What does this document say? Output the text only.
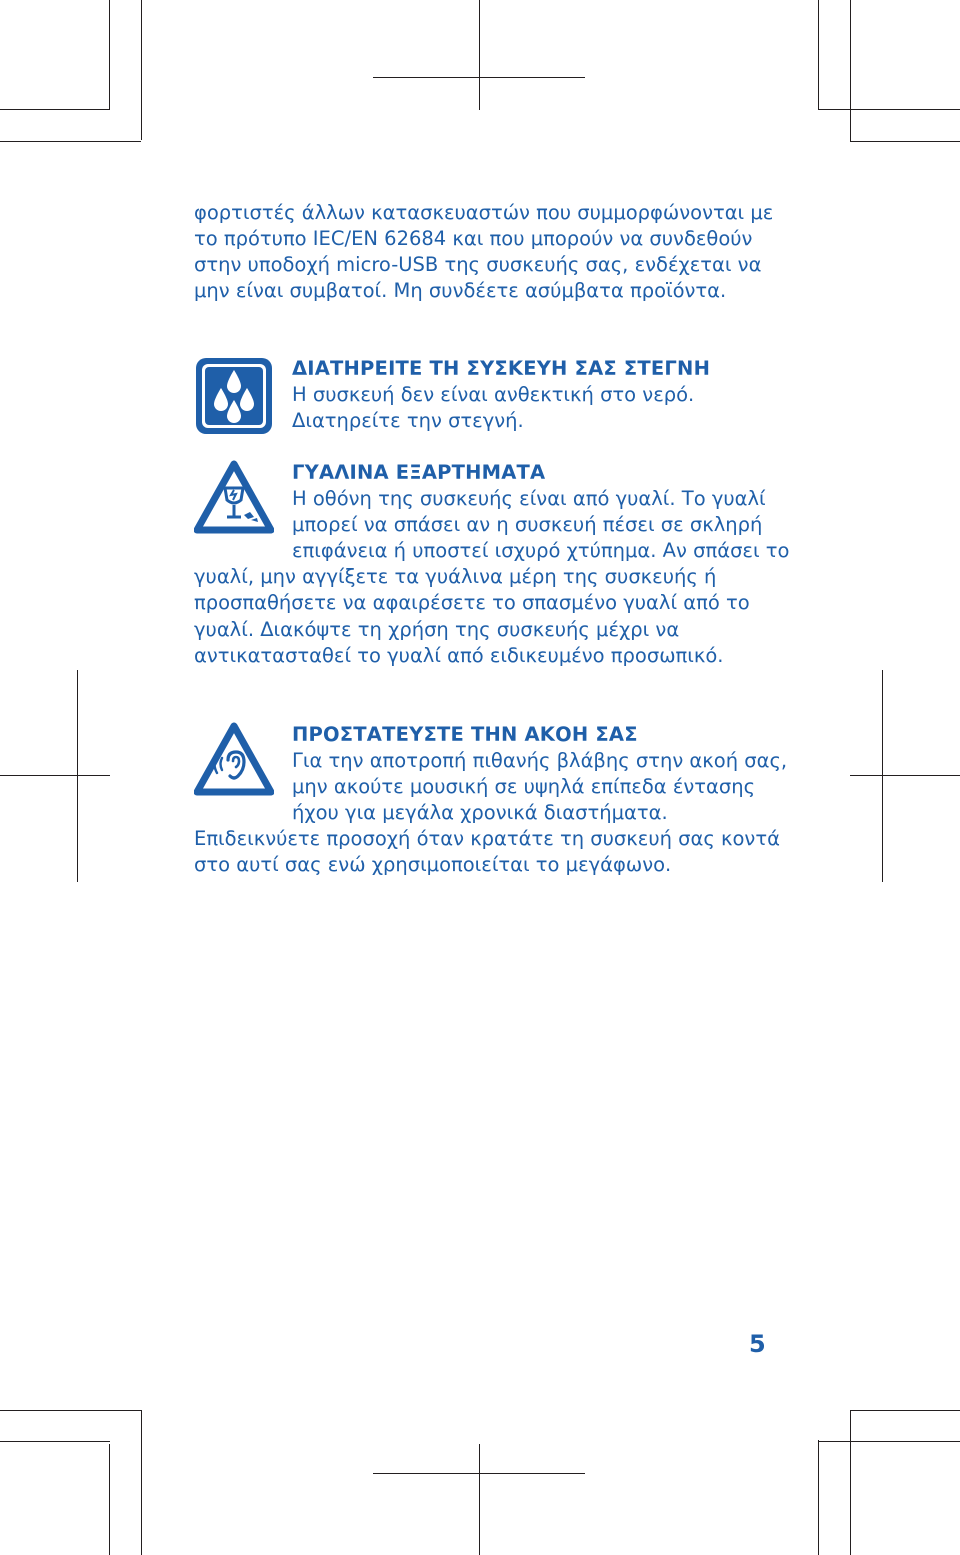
φορτιστές άλλων κατασκευαστών που συμμορφώνονται με το πρότυπο IEC/EN 62684 και που μπορούν να συνδεθούν στην υποδοχή micro-USB της συσκευής σας, ενδέχεται να μην είναι συμβατοί. Μη συνδέετε ασύμβατα προϊόντα.

ΔΙΑΤΗΡΕΙΤΕ ΤΗ ΣΥΣΚΕΥΗ ΣΑΣ ΣΤΕΓΝΗ
Η συσκευή δεν είναι ανθεκτική στο νερό. Διατηρείτε την στεγνή.
ΓΥΑΛΙΝΑ ΕΞΑΡΤΗΜΑΤΑ
Η οθόνη της συσκευής είναι από γυαλί. Το γυαλί μπορεί να σπάσει αν η συσκευή πέσει σε σκληρή επιφάνεια ή υποστεί ισχυρό χτύπημα. Αν σπάσει το γυαλί, μην αγγίξετε τα γυάλινα μέρη της συσκευής ή προσπαθήσετε να αφαιρέσετε το σπασμένο γυαλί από το γυαλί. Διακόψτε τη χρήση της συσκευής μέχρι να αντικατασταθεί το γυαλί από ειδικευμένο προσωπικό.
ΠΡΟΣΤΑΤΕΥΣΤΕ ΤΗΝ ΑΚΟΗ ΣΑΣ
Για την αποτροπή πιθανής βλάβης στην ακοή σας, μην ακούτε μουσική σε υψηλά επίπεδα έντασης ήχου για μεγάλα χρονικά διαστήματα. Επιδεικνύετε προσοχή όταν κρατάτε τη συσκευή σας κοντά στο αυτί σας ενώ χρησιμοποιείται το μεγάφωνο.
5
